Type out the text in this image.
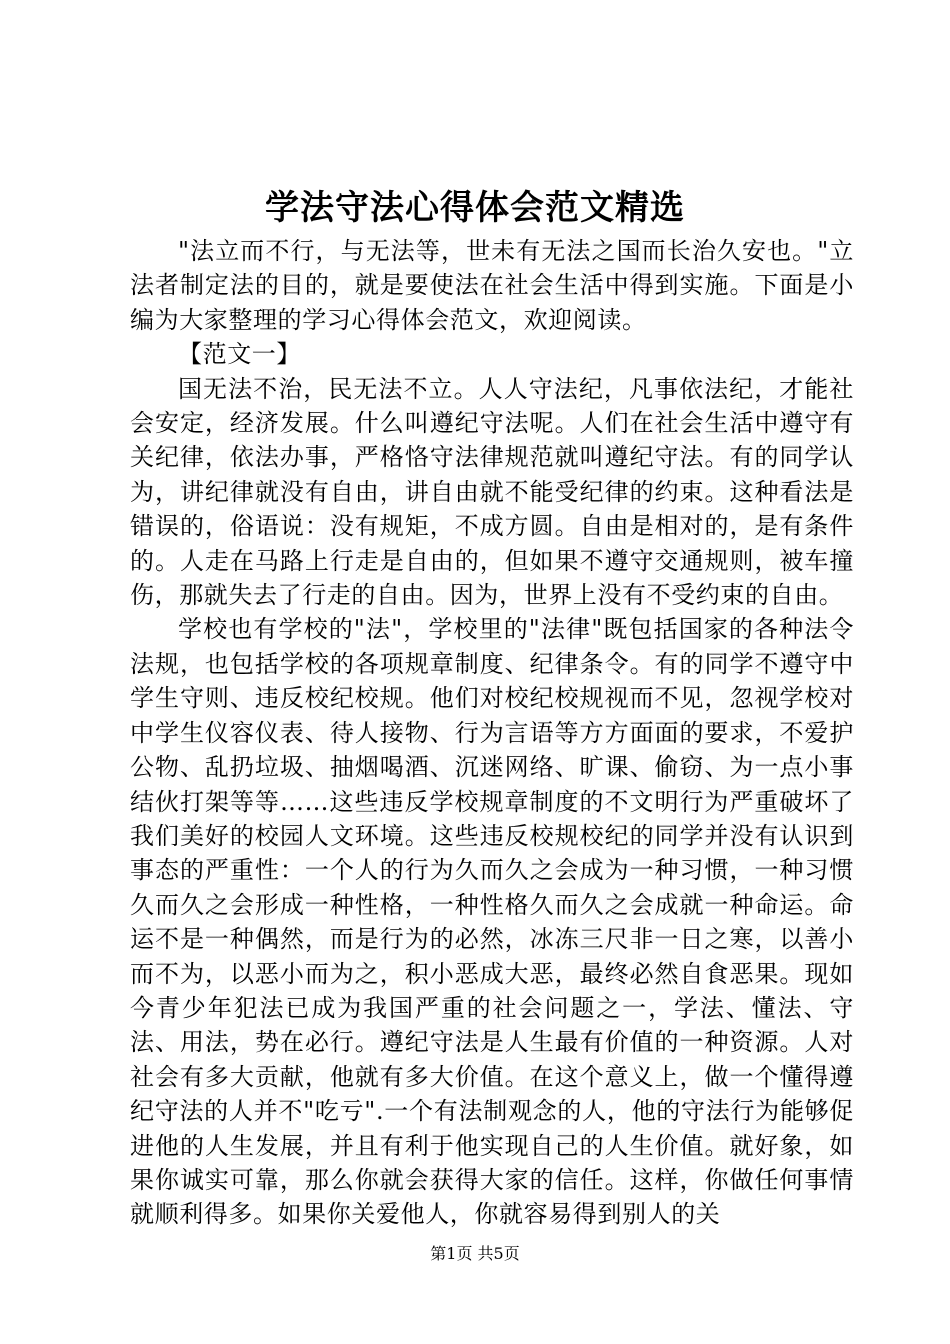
学法守法心得体会范文精选

"法立而不行，与无法等，世未有无法之国而长治久安也。"立法者制定法的目的，就是要使法在社会生活中得到实施。下面是小编为大家整理的学习心得体会范文，欢迎阅读。

【范文一】

国无法不治，民无法不立。人人守法纪，凡事依法纪，才能社会安定，经济发展。什么叫遵纪守法呢。人们在社会生活中遵守有关纪律，依法办事，严格恪守法律规范就叫遵纪守法。有的同学认为，讲纪律就没有自由，讲自由就不能受纪律的约束。这种看法是错误的，俗语说：没有规矩，不成方圆。自由是相对的，是有条件的。人走在马路上行走是自由的，但如果不遵守交通规则，被车撞伤，那就失去了行走的自由。因为，世界上没有不受约束的自由。

学校也有学校的"法"，学校里的"法律"既包括国家的各种法令法规，也包括学校的各项规章制度、纪律条令。有的同学不遵守中学生守则、违反校纪校规。他们对校纪校规视而不见，忽视学校对中学生仪容仪表、待人接物、行为言语等方方面面的要求，不爱护公物、乱扔垃圾、抽烟喝酒、沉迷网络、旷课、偷窃、为一点小事结伙打架等等……这些违反学校规章制度的不文明行为严重破坏了我们美好的校园人文环境。这些违反校规校纪的同学并没有认识到事态的严重性：一个人的行为久而久之会成为一种习惯，一种习惯久而久之会形成一种性格，一种性格久而久之会成就一种命运。命运不是一种偶然，而是行为的必然，冰冻三尺非一日之寒，以善小而不为，以恶小而为之，积小恶成大恶，最终必然自食恶果。现如今青少年犯法已成为我国严重的社会问题之一，学法、懂法、守法、用法，势在必行。遵纪守法是人生最有价值的一种资源。人对社会有多大贡献，他就有多大价值。在这个意义上，做一个懂得遵纪守法的人并不"吃亏".一个有法制观念的人，他的守法行为能够促进他的人生发展，并且有利于他实现自己的人生价值。就好象，如果你诚实可靠，那么你就会获得大家的信任。这样，你做任何事情就顺利得多。如果你关爱他人，你就容易得到别人的关

第1页 共5页
